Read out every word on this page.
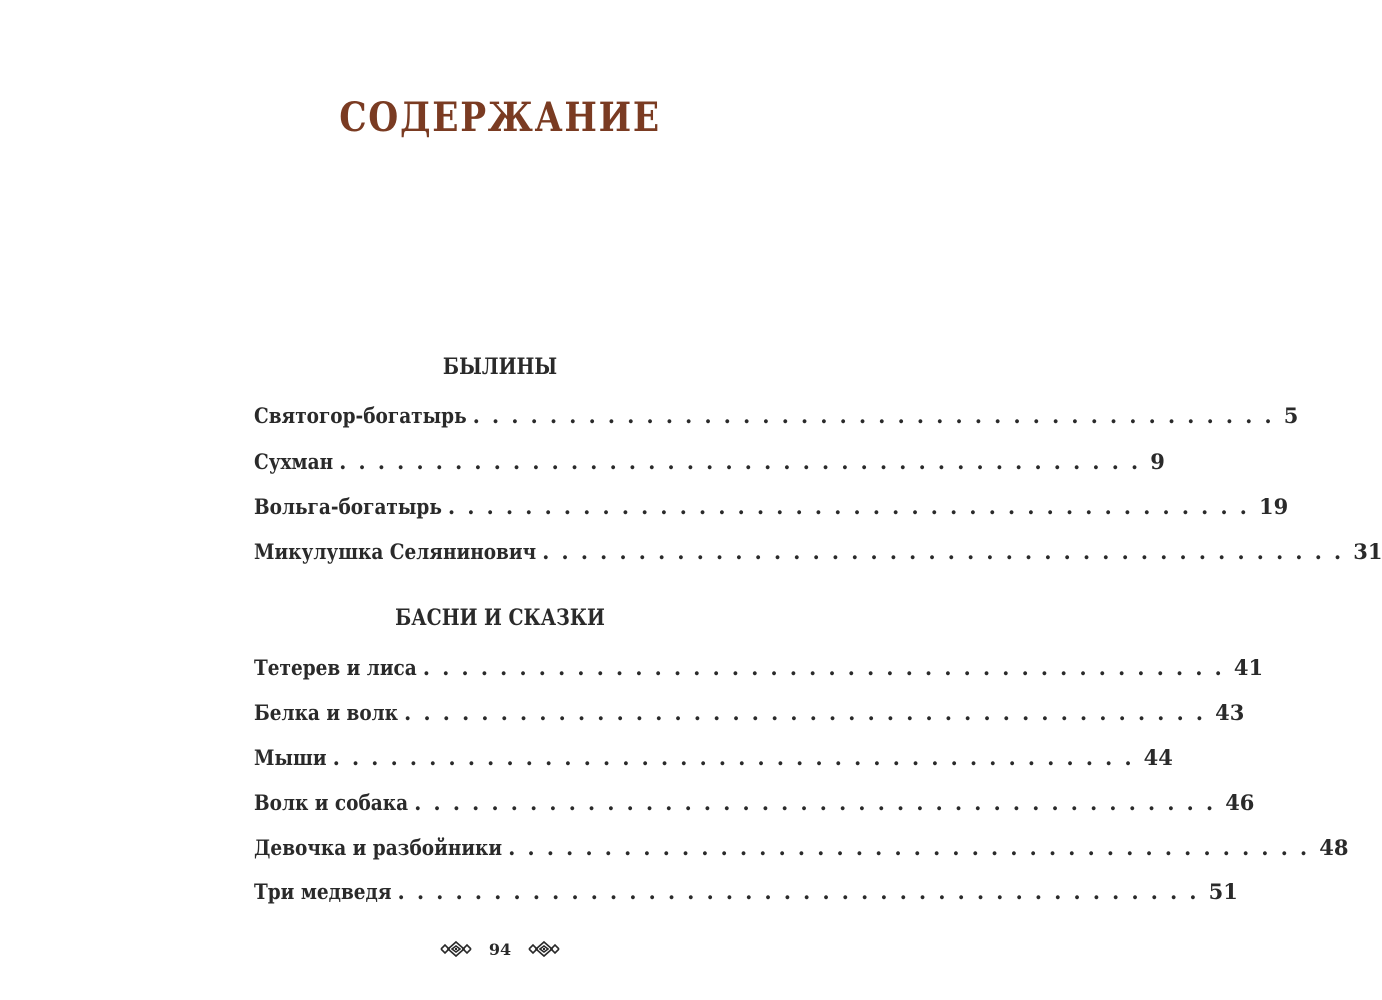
СОДЕРЖАНИЕ
БЫЛИНЫ
Святогор-богатырь .......................................... 5
Сухман .......................................... 9
Вольга-богатырь .......................................... 19
Микулушка Селянинович .......................................... 31
БАСНИ И СКАЗКИ
Тетерев и лиса .......................................... 41
Белка и волк .......................................... 43
Мыши .......................................... 44
Волк и собака .......................................... 46
Девочка и разбойники .......................................... 48
Три медведя .......................................... 51
94
